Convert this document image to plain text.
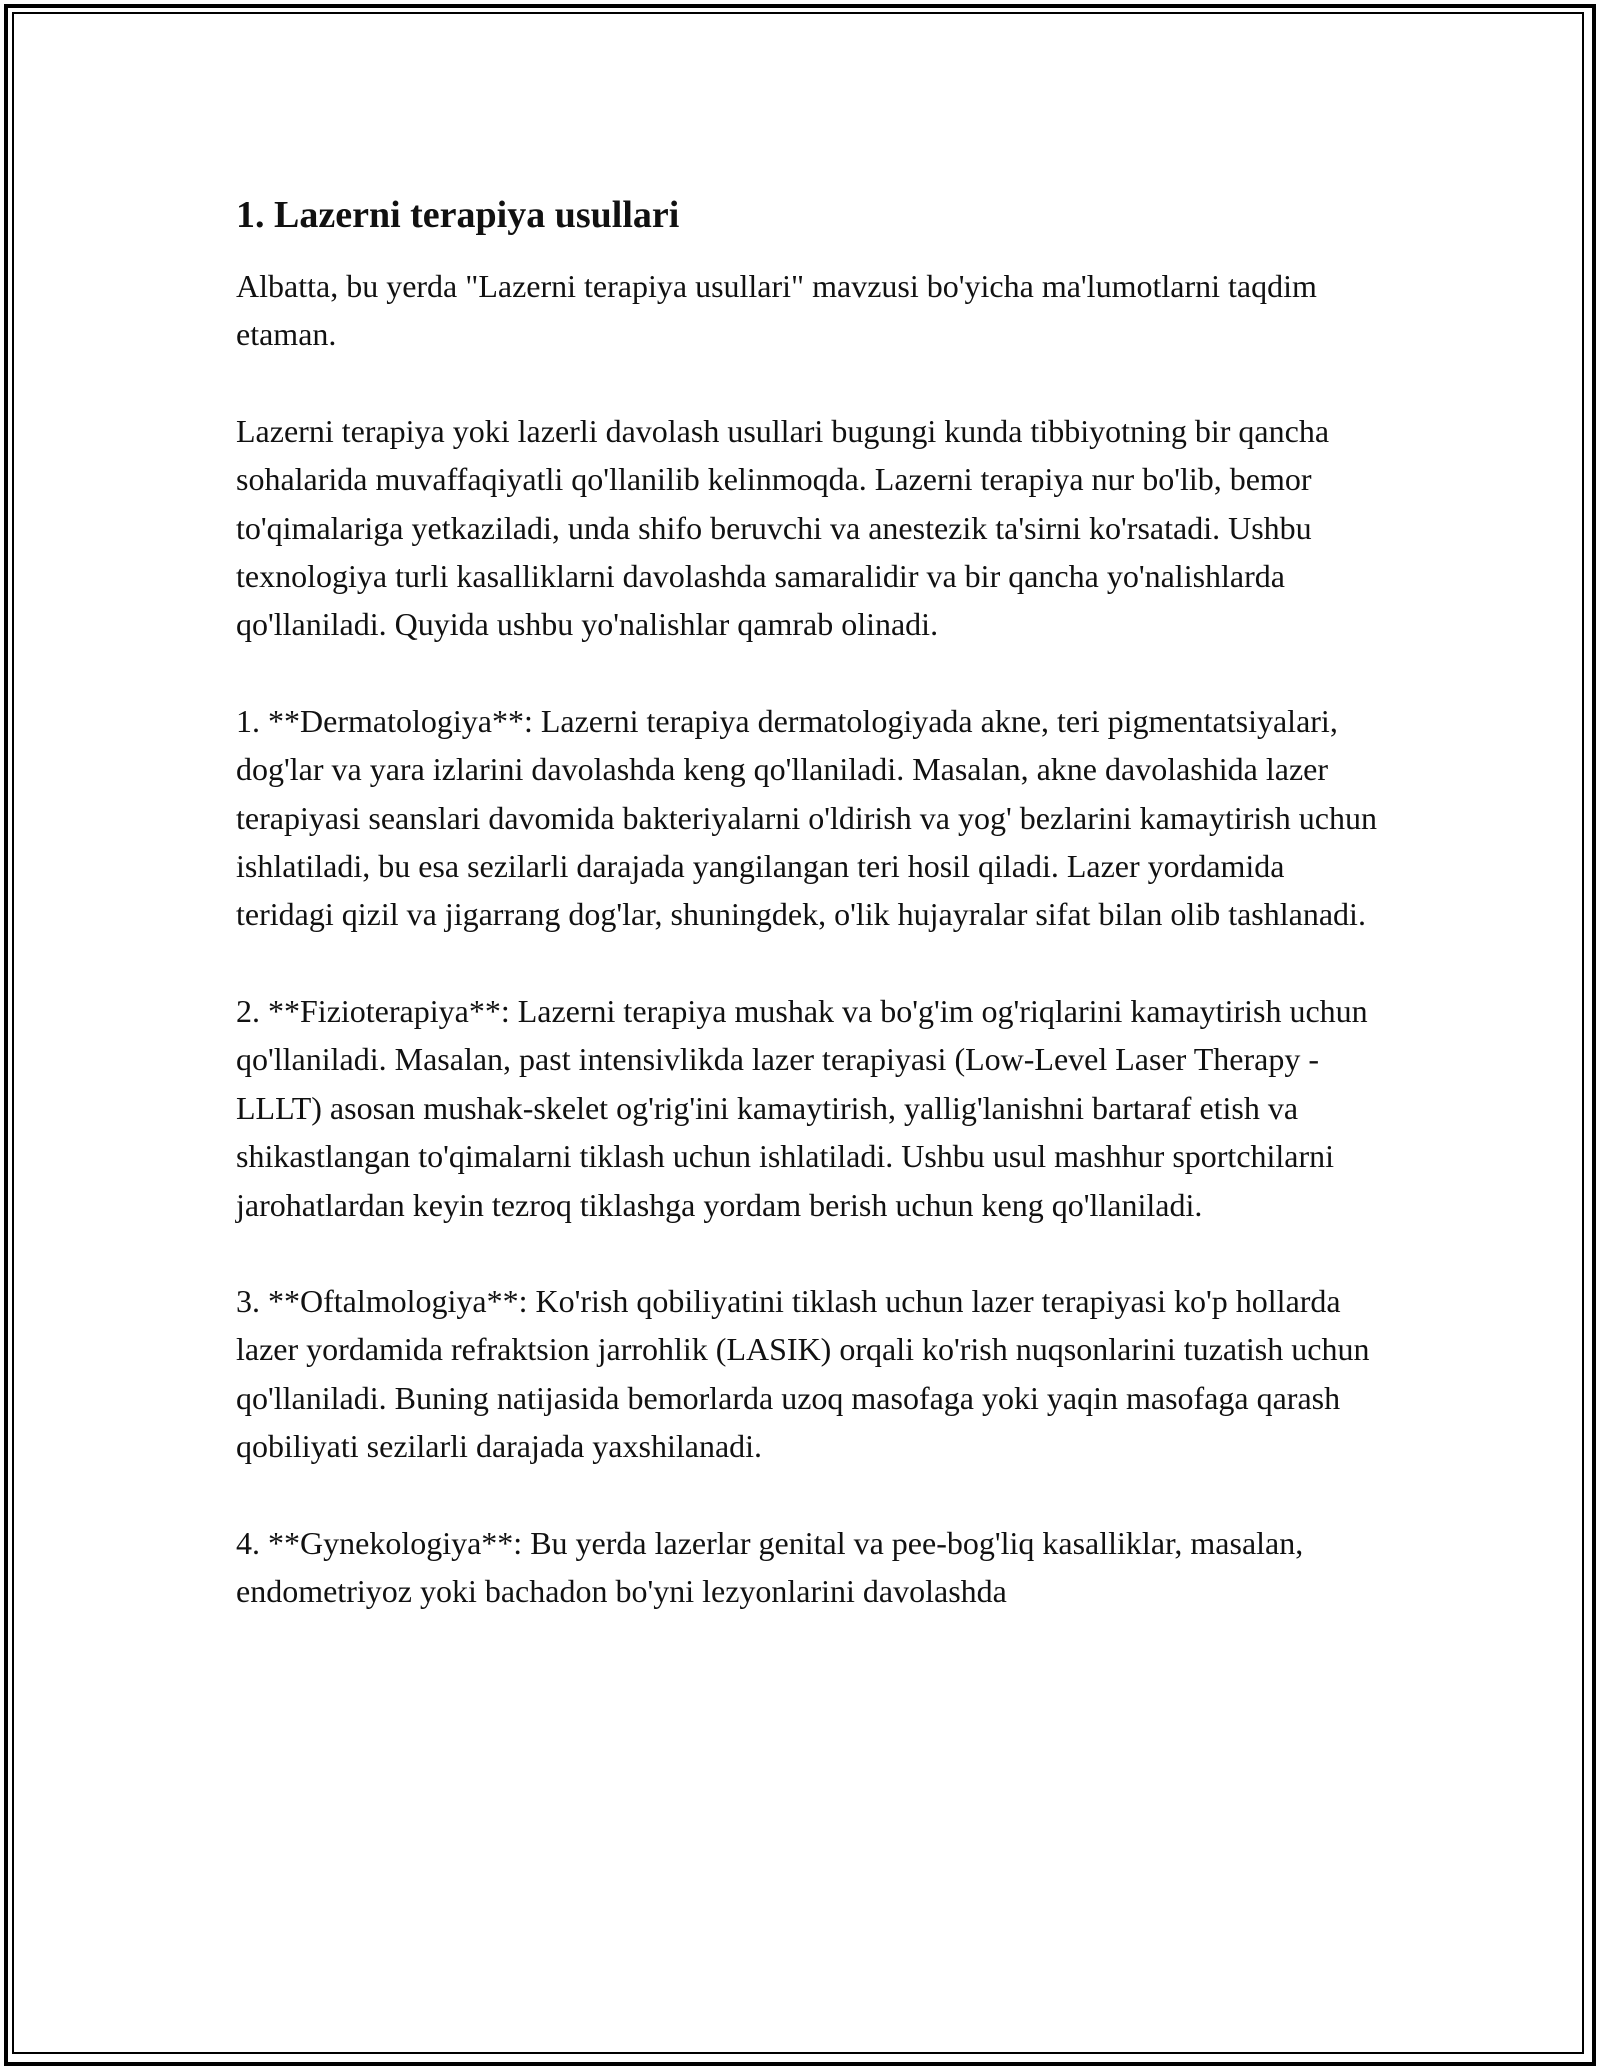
1. Lazerni terapiya usullari

Albatta, bu yerda "Lazerni terapiya usullari" mavzusi bo'yicha ma'lumotlarni taqdim etaman.

Lazerni terapiya yoki lazerli davolash usullari bugungi kunda tibbiyotning bir qancha sohalarida muvaffaqiyatli qo'llanilib kelinmoqda. Lazerni terapiya nur bo'lib, bemor to'qimalariga yetkaziladi, unda shifo beruvchi va anestezik ta'sirni ko'rsatadi. Ushbu texnologiya turli kasalliklarni davolashda samaralidir va bir qancha yo'nalishlarda qo'llaniladi. Quyida ushbu yo'nalishlar qamrab olinadi.

1. **Dermatologiya**: Lazerni terapiya dermatologiyada akne, teri pigmentatsiyalari, dog'lar va yara izlarini davolashda keng qo'llaniladi. Masalan, akne davolashida lazer terapiyasi seanslari davomida bakteriyalarni o'ldirish va yog' bezlarini kamaytirish uchun ishlatiladi, bu esa sezilarli darajada yangilangan teri hosil qiladi. Lazer yordamida teridagi qizil va jigarrang dog'lar, shuningdek, o'lik hujayralar sifat bilan olib tashlanadi.

2. **Fizioterapiya**: Lazerni terapiya mushak va bo'g'im og'riqlarini kamaytirish uchun qo'llaniladi. Masalan, past intensivlikda lazer terapiyasi (Low-Level Laser Therapy - LLLT) asosan mushak-skelet og'rig'ini kamaytirish, yallig'lanishni bartaraf etish va shikastlangan to'qimalarni tiklash uchun ishlatiladi. Ushbu usul mashhur sportchilarni jarohatlardan keyin tezroq tiklashga yordam berish uchun keng qo'llaniladi.

3. **Oftalmologiya**: Ko'rish qobiliyatini tiklash uchun lazer terapiyasi ko'p hollarda lazer yordamida refraktsion jarrohlik (LASIK) orqali ko'rish nuqsonlarini tuzatish uchun qo'llaniladi. Buning natijasida bemorlarda uzoq masofaga yoki yaqin masofaga qarash qobiliyati sezilarli darajada yaxshilanadi.

4. **Gynekologiya**: Bu yerda lazerlar genital va pee-bog'liq kasalliklar, masalan, endometriyoz yoki bachadon bo'yni lezyonlarini davolashda
